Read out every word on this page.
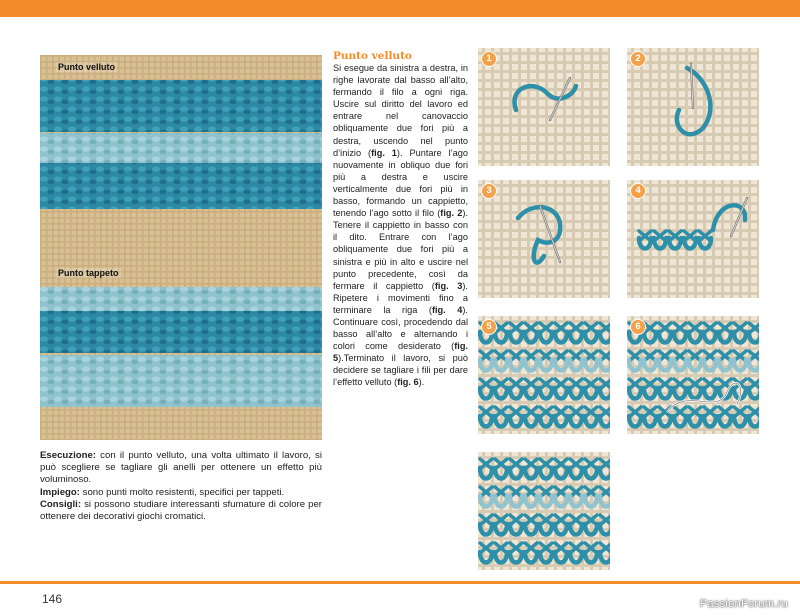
Punto velluto
Punto tappeto
Esecuzione: con il punto velluto, una volta ultimato il lavoro, si può scegliere se tagliare gli anelli per ottenere un effetto più voluminoso.
Impiego: sono punti molto resistenti, specifici per tappeti.
Consigli: si possono studiare interessanti sfumature di colore per ottenere dei decorativi giochi cromatici.
Punto velluto
Si esegue da sinistra a destra, in righe lavorate dal basso all’alto, fermando il filo a ogni riga. Uscire sul diritto del lavoro ed entrare nel canovaccio obliquamente due fori più a destra, uscendo nel punto d’inizio (fig. 1). Puntare l’ago nuovamente in obliquo due fori più a destra e uscire verticalmente due fori più in basso, formando un cappietto, tenendo l’ago sotto il filo (fig. 2). Tenere il cappietto in basso con il dito. Entrare con l’ago obliquamente due fori più a sinistra e più in alto e uscire nel punto precedente, così da fermare il cappietto (fig. 3). Ripetere i movimenti fino a terminare la riga (fig. 4). Continuare così, procedendo dal basso all’alto e alternando i colori come desiderato (fig. 5).Terminato il lavoro, si può decidere se tagliare i fili per dare l’effetto velluto (fig. 6).
1	2
3	4
5	6
146	PassionForum.ru
